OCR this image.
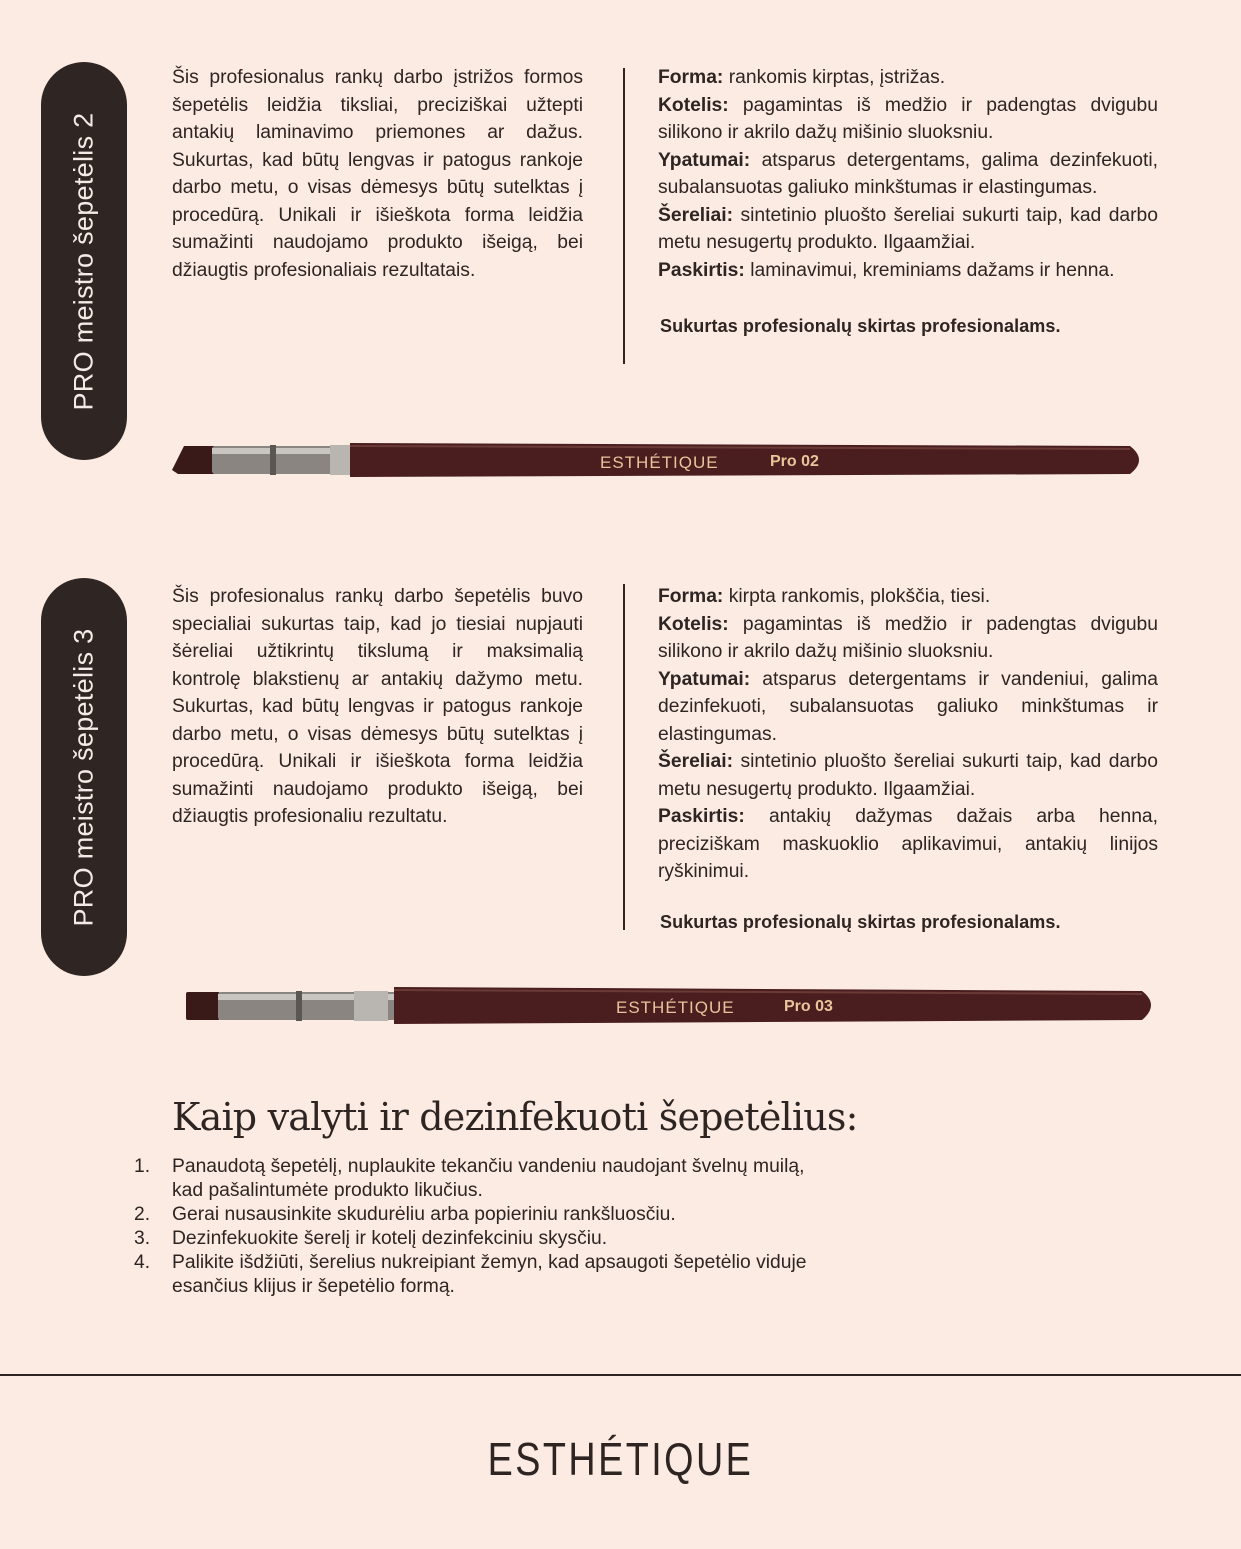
PRO meistro šepetėlis 2

Šis profesionalus rankų darbo įstrižos formos šepetėlis leidžia tiksliai, preciziškai užtepti antakių laminavimo priemones ar dažus. Sukurtas, kad būtų lengvas ir patogus rankoje darbo metu, o visas dėmesys būtų sutelktas į procedūrą. Unikali ir išieškota forma leidžia sumažinti naudojamo produkto išeigą, bei džiaugtis profesionaliais rezultatais.

Forma: rankomis kirptas, įstrižas.

Kotelis: pagamintas iš medžio ir padengtas dvigubu silikono ir akrilo dažų mišinio sluoksniu.

Ypatumai: atsparus detergentams, galima dezinfekuoti, subalansuotas galiuko minkštumas ir elastingumas.

Šereliai: sintetinio pluošto šereliai sukurti taip, kad darbo metu nesugertų produkto. Ilgaamžiai.

Paskirtis: laminavimui, kreminiams dažams ir henna.

Sukurtas profesionalų skirtas profesionalams.

ESTHÉTIQUE	Pro 02
PRO meistro šepetėlis 3

Šis profesionalus rankų darbo šepetėlis buvo specialiai sukurtas taip, kad jo tiesiai nupjauti šėreliai užtikrintų tikslumą ir maksimalią kontrolę blakstienų ar antakių dažymo metu. Sukurtas, kad būtų lengvas ir patogus rankoje darbo metu, o visas dėmesys būtų sutelktas į procedūrą. Unikali ir išieškota forma leidžia sumažinti naudojamo produkto išeigą, bei džiaugtis profesionaliu rezultatu.

Forma: kirpta rankomis, plokščia, tiesi.

Kotelis: pagamintas iš medžio ir padengtas dvigubu silikono ir akrilo dažų mišinio sluoksniu.

Ypatumai: atsparus detergentams ir vandeniui, galima dezinfekuoti, subalansuotas galiuko minkštumas ir elastingumas.

Šereliai: sintetinio pluošto šereliai sukurti taip, kad darbo metu nesugertų produkto. Ilgaamžiai.

Paskirtis: antakių dažymas dažais arba henna, preciziškam maskuoklio aplikavimui, antakių linijos ryškinimui.

Sukurtas profesionalų skirtas profesionalams.

ESTHÉTIQUE	Pro 03
Kaip valyti ir dezinfekuoti šepetėlius:
1.	Panaudotą šepetėlį, nuplaukite tekančiu vandeniu naudojant švelnų muilą, kad pašalintumėte produkto likučius.
2.	Gerai nusausinkite skudurėliu arba popieriniu rankšluosčiu.
3.	Dezinfekuokite šerelį ir kotelį dezinfekciniu skysčiu.
4.	Palikite išdžiūti, šerelius nukreipiant žemyn, kad apsaugoti šepetėlio viduje esančius klijus ir šepetėlio formą.

ESTHÉTIQUE
